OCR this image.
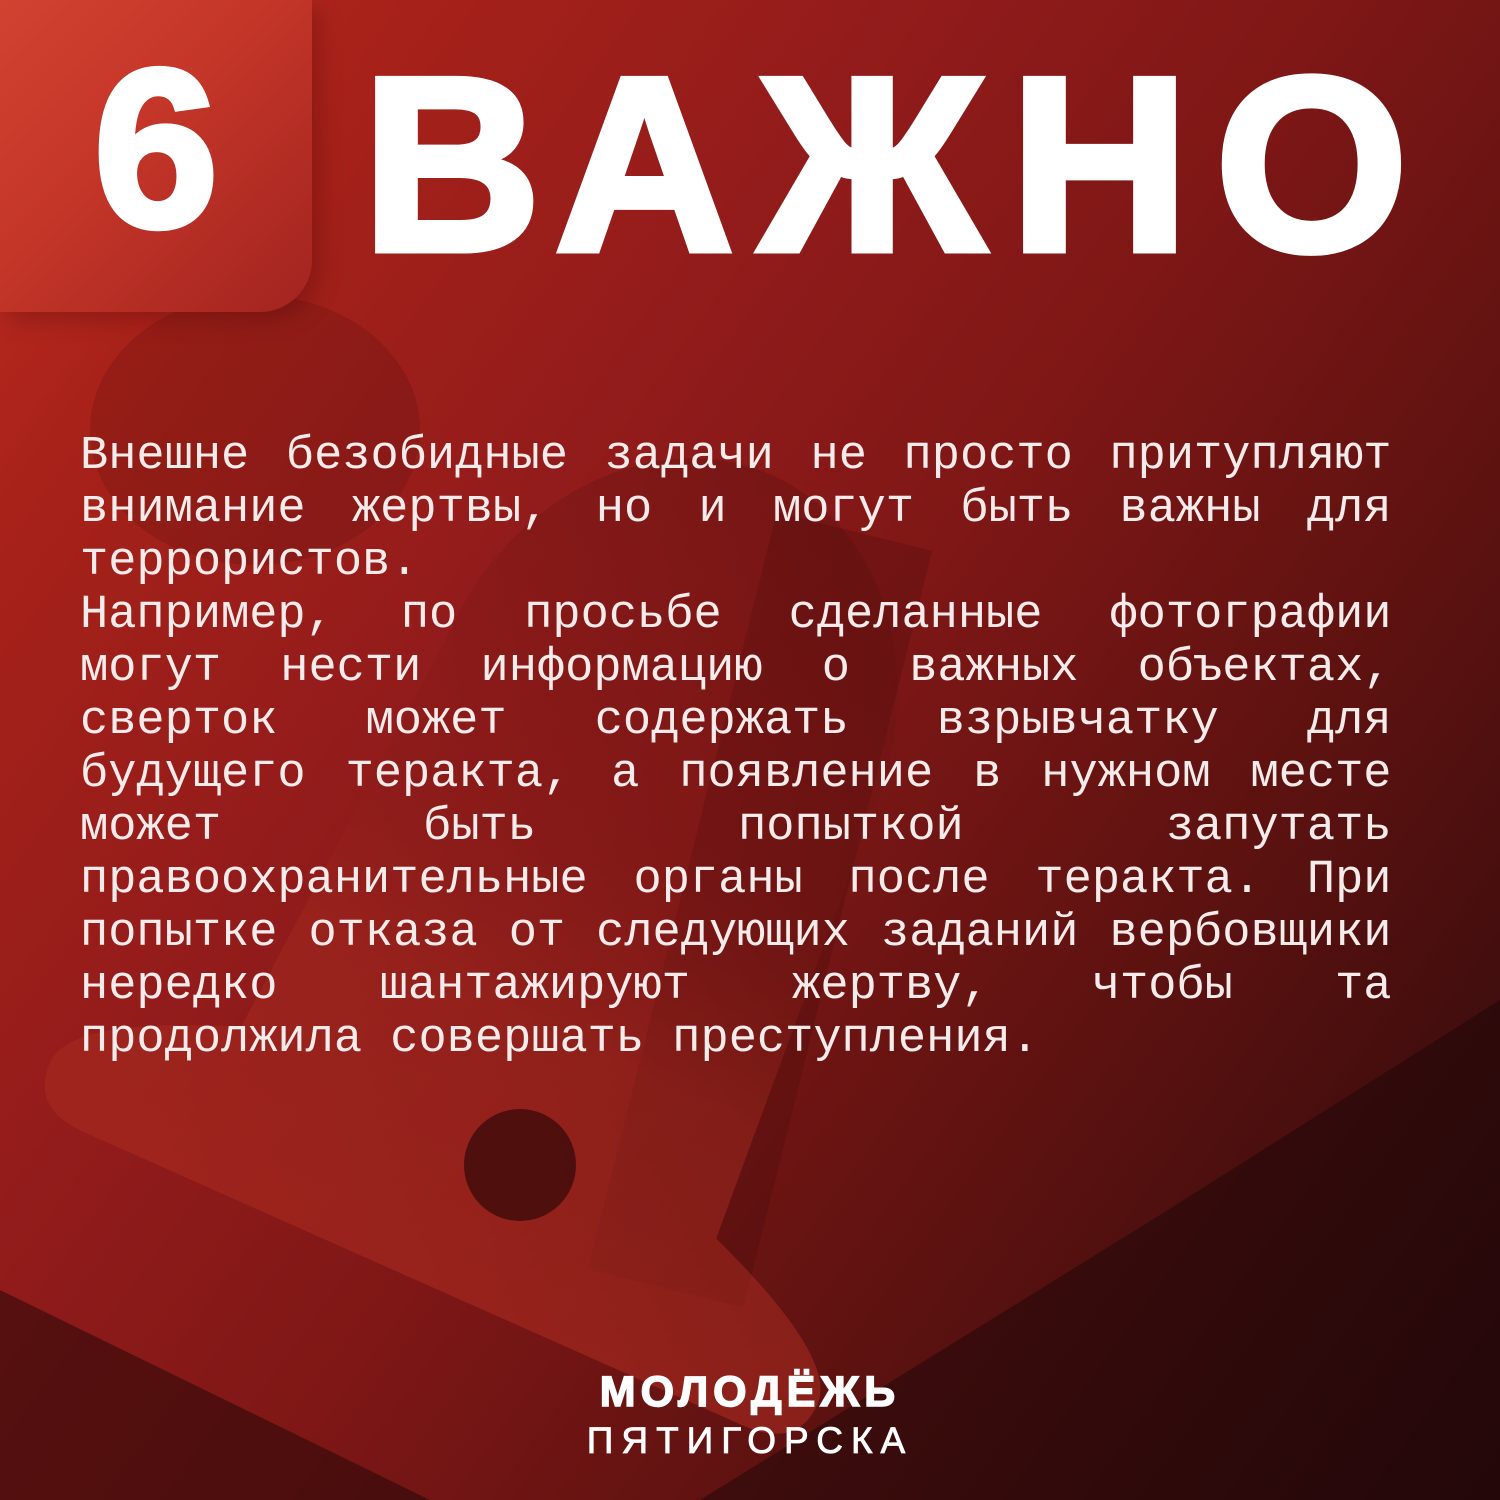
6 ВАЖНО

Внешне безобидные задачи не просто притупляют внимание жертвы, но и могут быть важны для террористов.

Например, по просьбе сделанные фотографии могут нести информацию о важных объектах, сверток может содержать взрывчатку для будущего теракта, а появление в нужном месте может быть попыткой запутать правоохранительные органы после теракта. При попытке отказа от следующих заданий вербовщики нередко шантажируют жертву, чтобы та продолжила совершать преступления.

МОЛОДЁЖЬ
ПЯТИГОРСКА
